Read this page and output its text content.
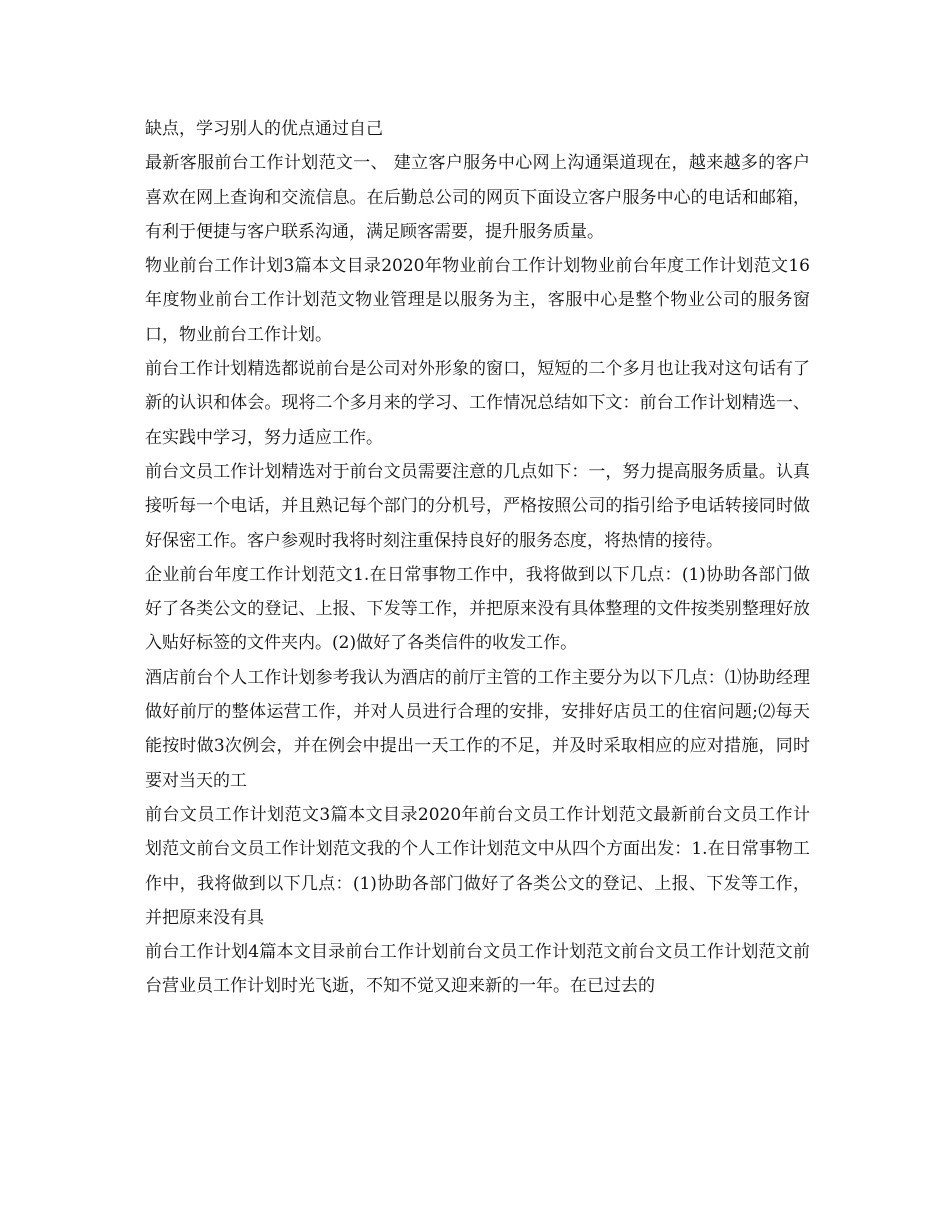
缺点，学习别人的优点通过自己

最新客服前台工作计划范文一、 建立客户服务中心网上沟通渠道现在，越来越多的客户喜欢在网上查询和交流信息。在后勤总公司的网页下面设立客户服务中心的电话和邮箱，有利于便捷与客户联系沟通，满足顾客需要，提升服务质量。

物业前台工作计划3篇本文目录2020年物业前台工作计划物业前台年度工作计划范文16年度物业前台工作计划范文物业管理是以服务为主，客服中心是整个物业公司的服务窗口，物业前台工作计划。

前台工作计划精选都说前台是公司对外形象的窗口，短短的二个多月也让我对这句话有了新的认识和体会。现将二个多月来的学习、工作情况总结如下文：前台工作计划精选一、在实践中学习，努力适应工作。

前台文员工作计划精选对于前台文员需要注意的几点如下：一，努力提高服务质量。认真接听每一个电话，并且熟记每个部门的分机号，严格按照公司的指引给予电话转接同时做好保密工作。客户参观时我将时刻注重保持良好的服务态度，将热情的接待。

企业前台年度工作计划范文1.在日常事物工作中，我将做到以下几点：(1)协助各部门做好了各类公文的登记、上报、下发等工作，并把原来没有具体整理的文件按类别整理好放入贴好标签的文件夹内。(2)做好了各类信件的收发工作。

酒店前台个人工作计划参考我认为酒店的前厅主管的工作主要分为以下几点：⑴协助经理做好前厅的整体运营工作，并对人员进行合理的安排，安排好店员工的住宿问题;⑵每天能按时做3次例会，并在例会中提出一天工作的不足，并及时采取相应的应对措施，同时要对当天的工

前台文员工作计划范文3篇本文目录2020年前台文员工作计划范文最新前台文员工作计划范文前台文员工作计划范文我的个人工作计划范文中从四个方面出发：1.在日常事物工作中，我将做到以下几点：(1)协助各部门做好了各类公文的登记、上报、下发等工作，并把原来没有具

前台工作计划4篇本文目录前台工作计划前台文员工作计划范文前台文员工作计划范文前台营业员工作计划时光飞逝，不知不觉又迎来新的一年。在已过去的
